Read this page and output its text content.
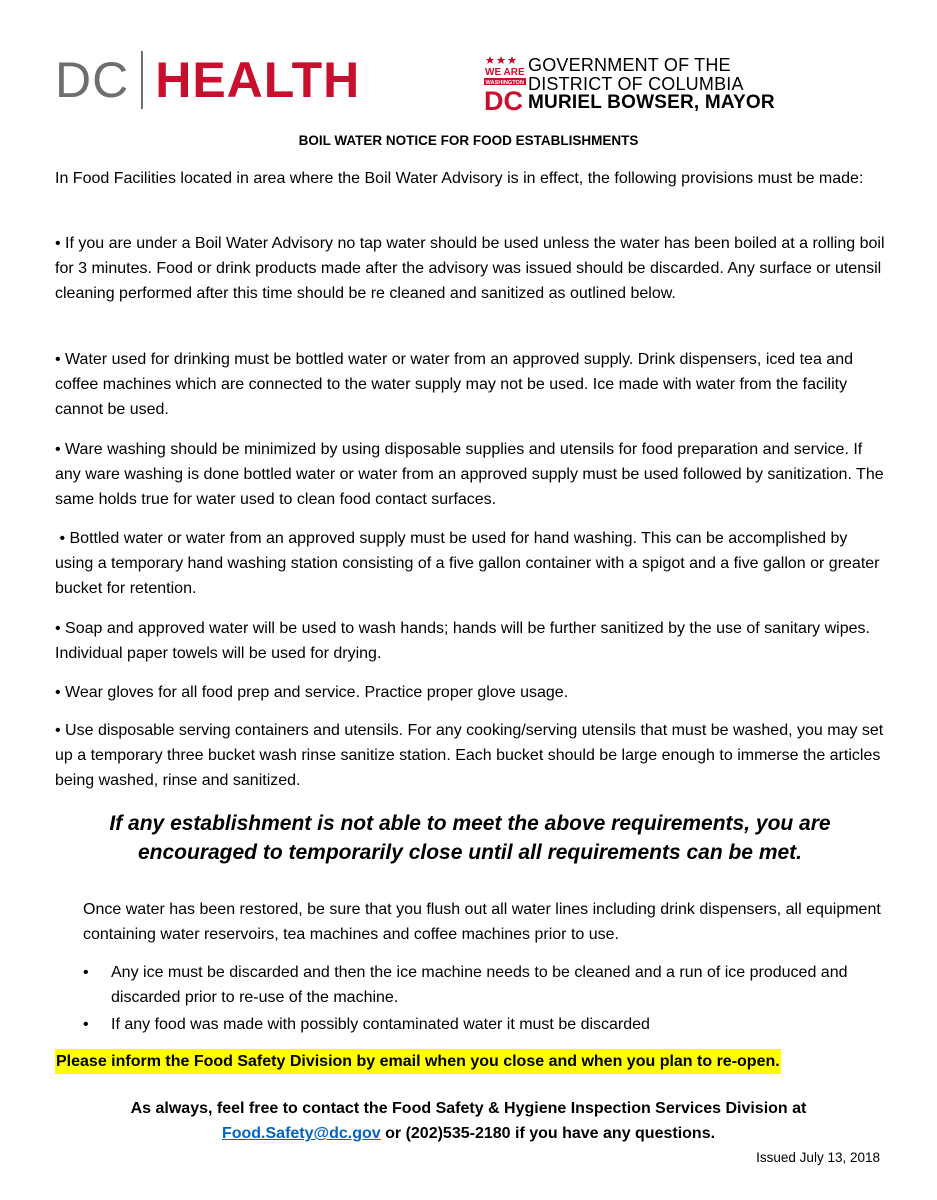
DC HEALTH	WE ARE
WASHINGTON
DC
GOVERNMENT OF THE
DISTRICT OF COLUMBIA
MURIEL BOWSER, MAYOR
BOIL WATER NOTICE FOR FOOD ESTABLISHMENTS
In Food Facilities located in area where the Boil Water Advisory is in effect, the following provisions must be made:
• If you are under a Boil Water Advisory no tap water should be used unless the water has been boiled at a rolling boil for 3 minutes. Food or drink products made after the advisory was issued should be discarded. Any surface or utensil cleaning performed after this time should be re cleaned and sanitized as outlined below.
• Water used for drinking must be bottled water or water from an approved supply. Drink dispensers, iced tea and coffee machines which are connected to the water supply may not be used. Ice made with water from the facility cannot be used.
• Ware washing should be minimized by using disposable supplies and utensils for food preparation and service. If any ware washing is done bottled water or water from an approved supply must be used followed by sanitization. The same holds true for water used to clean food contact surfaces.
• Bottled water or water from an approved supply must be used for hand washing. This can be accomplished by using a temporary hand washing station consisting of a five gallon container with a spigot and a five gallon or greater bucket for retention.
• Soap and approved water will be used to wash hands; hands will be further sanitized by the use of sanitary wipes. Individual paper towels will be used for drying.
• Wear gloves for all food prep and service. Practice proper glove usage.
• Use disposable serving containers and utensils. For any cooking/serving utensils that must be washed, you may set up a temporary three bucket wash rinse sanitize station. Each bucket should be large enough to immerse the articles being washed, rinse and sanitized.
If any establishment is not able to meet the above requirements, you are encouraged to temporarily close until all requirements can be met.
Once water has been restored, be sure that you flush out all water lines including drink dispensers, all equipment containing water reservoirs, tea machines and coffee machines prior to use.
•	Any ice must be discarded and then the ice machine needs to be cleaned and a run of ice produced and discarded prior to re-use of the machine.
•	If any food was made with possibly contaminated water it must be discarded
Please inform the Food Safety Division by email when you close and when you plan to re-open.
As always, feel free to contact the Food Safety & Hygiene Inspection Services Division at
Food.Safety@dc.gov or (202)535-2180 if you have any questions.
Issued July 13, 2018
